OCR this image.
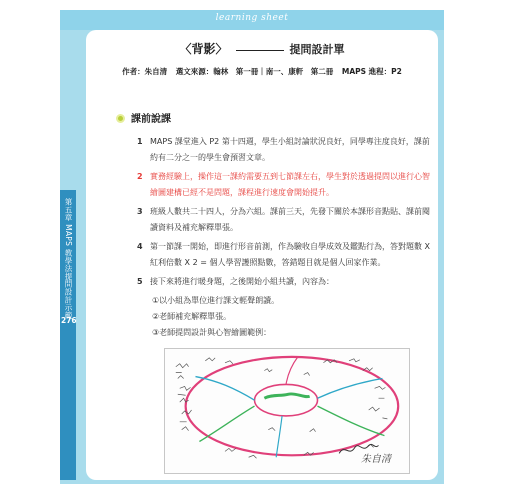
learning sheet
第五章 MAPS 教學法提問設計示範
276
〈背影〉	提問設計單
作者：朱自清 選文來源：翰林　第一冊｜南一、康軒　第二冊 MAPS 進程：P2
課前說課
1 MAPS 課堂進入 P2 第十四週，學生小組討論狀況良好，同學專注度良好，課前約有二分之一的學生會預習文章。
2 實務經驗上，操作這一課約需要五到七節課左右，學生對於透過提問以進行心智繪圖建構已經不是問題，課程進行速度會開始提升。
3 班級人數共二十四人，分為六組。課前三天，先發下關於本課形音點貼、課前閱讀資料及補充解釋單張。
4 第一節課一開始，即進行形音前測，作為驗收自學成效及鑑點行為，答對題數 X 紅利倍數 X 2 = 個人學習護照點數，答錯題目就是個人回家作業。
5 接下來將進行暖身題，之後開始小組共讀，內容為：
①以小組為單位進行課文輕聲朗讀。
②老師補充解釋單張。
③老師提問設計與心智繪圖範例：
朱自清
